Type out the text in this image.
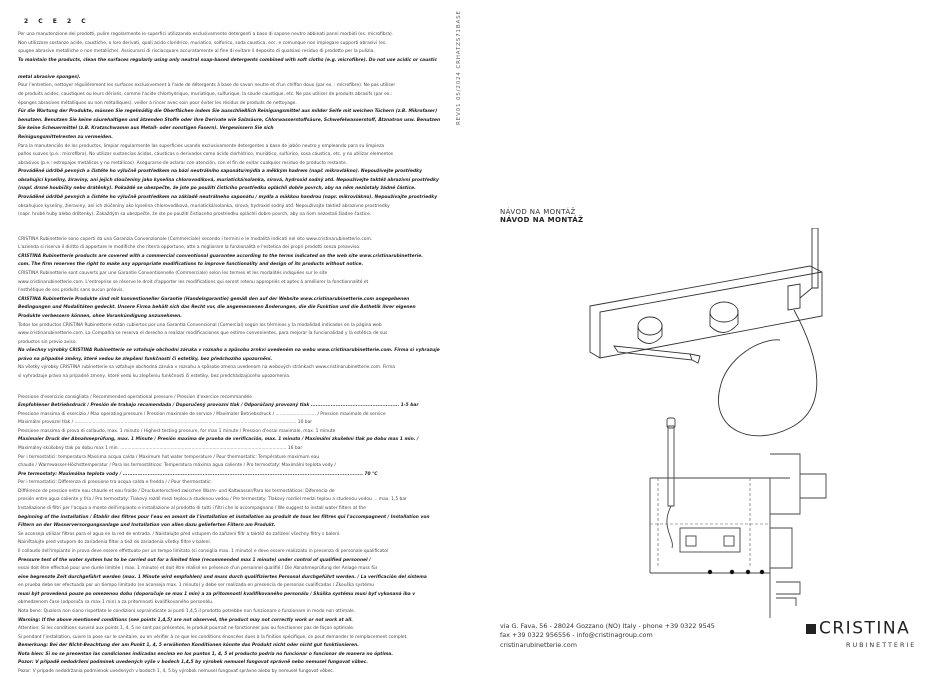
2 C E 2 C
Per una manutenzione dei prodotti, pulire regolarmente le superfici utilizzando esclusivamente detergenti a base di sapone neutro abbinati panni morbidi (es. microfibra).
Non utilizzare sostanze acide, caustiche, o loro derivati, quali acido cloridrico, muriatico, solforico, soda caustica, ecc. e comunque non impiegare supporti abrasivi (es.
spugne abrasive metalliche o non metalliche). Assicurarsi di risciacquare accuratamente al fine di evitare il deposito di qualsiasi residuo di prodotto per la pulizia.
To maintain the products, clean the surfaces regularly using only neutral soap-based detergents combined with soft cloths (e.g. microfibre). Do not use acidic or caustic

metal abrasive sponges).
Pour l'entretien, nettoyer régulièrement les surfaces exclusivement à l'aide de détergents à base de savon neutre et d'un chiffon doux (par ex. : microfibre). Ne pas utiliser
de produits acides, caustiques ou leurs dérivés, comme l'acide chlorhydrique, muriatique, sulfurique, la soude caustique, etc. Ne pas utiliser de produits abrasifs (par ex.:
éponges abrasives métalliques ou non métalliques). veiller à rincer avec soin pour éviter les résidus de produits de nettoyage.
Für die Wartung der Produkte, müssen Sie regelmäßig die Oberflächen indem Sie ausschließlich Reinigungsmittel aus milder Seife mit weichen Tüchern (z.B. Mikrofaser)
benutzen. Benutzen Sie keine säurehaltigen und ätzenden Stoffe oder ihre Derivate wie Salzsäure, Chlorwasserstoffsäure, Schwefelwasserstoff, Ätznatron usw. Benutzen
Sie keine Scheuermittel (z.B. Kratzschwamm aus Metall- oder sonstigen Fasern). Vergewissern Sie sich
Reinigungsmittelresten zu vermeiden.
Para la manutención de los productos, limpiar regularmente las superficies usando exclusivamente detergentes a base de jabón neutro y empleando para su limpieza
paños suaves (p.e.: microfibra). No utilizar sustancias ácidas, cáusticas o derivados como ácido clorhídrico, muriático, sulfúrico, sosa cáustica, etc. y no utilizar elementos
abrasivos (p.e.: estropajos metálicos y no metálicos). Asegurarse de aclarar con atención, con el fin de evitar cualquier residuo de producto restante.
Prováděné údržbě pevných a čistéte ho výlučně prostředkem na bázi neutrálního saponátu/mýdla a měkkým hadrem (např. mikrovlákno). Nepoužívejte prostředky
obsahující kyseliny, žíraviny, ani jejich sloučeniny jako kyselina chlorovodíková, muriatická/solanka, sírová, hydroxid sodný atd. Nepoužívejte taktéž abrazivní prostředky
(např. drsné houbičky nebo drátěnky). Pokaždé se ubezpečte, že jste po použití čisticího prostředku opláchli dobře povrch, aby na něm nezůstaly žádné částice.
Prováděné údržbě pevných a čistéte ho výlučně prostředkem na základě neutrálneho saponátu / mydla a mäkkou handrou (napr. mikrovlákno). Nepoužívajte prostriedky
obsahujúce kyseliny, žieraviny, ani ich zlúčeniny ako kyselina chlorovodíková, muriatická/solanka, sírová, hydroxid sodný atď. Nepoužívajte taktiež abrazívne prostriedky
(napr. hrubé huby alebo drôtenky). Zakaždým sa ubezpečte, že ste po použití čistiaceho prostriedku opláchli dobre povrch, aby na ňom nezostali žiadne častice.
CRISTINA Rubinetterie sono coperti da una Garanzia Convenzionale (Commerciale) secondo i termini e le modalità indicati nel sito www.cristinarubinetterie.com.
L'azienda si riserva il diritto di apportare le modifiche che riterrà opportune, atte a migliorare la funzionalità e l'estetica dei propri prodotti senza preavviso.
CRISTINA Rubinetterie products are covered with a commercial conventional guarantee according to the terms indicated on the web site www.cristinarubinetterie.
com. The firm reserves the right to make any appropriate modifications to improve functionality and design of its products without notice.
CRISTINA Rubinetterie sont couverts par une Garantie Conventionnelle (Commerciale) selon les termes et les modalités indiquées sur le site
www.cristinarubinetterie.com. L'entreprise se réserve le droit d'apporter les modifications qui seront retenu appropriés et aptes à améliorer la fonctionnalité et
l'esthétique de ses produits sans aucun préavis.
CRISTINA Rubinetterie Produkte sind mit konventioneller Garantie (Handelsgarantie) gemäß den auf der Website www.cristinarubinetterie.com angegebenen
Bedingungen und Modalitäten gedeckt. Unsere Firma behält sich das Recht vor, die angemessenen Änderungen, die die Funktion und die Ästhetik ihrer eigenen
Produkte verbessern können, ohne Vorankündigung anzunehmen.
Todos los productos CRISTINA Rubinetterie están cubiertos por una Garantía Convencional (Comercial) según los términos y la modalidad indicados en la página web
www.cristinarubinetterie.com. La Compañía se reserva el derecho a realizar modificaciones que estime convenientes, para mejorar la funcionalidad y la estética de sus
productos sin previo aviso.
Na všechny výrobky CRISTINA Rubinetterie se vztahuje obchodní záruka v rozsahu a způsobu zrnkví uvedeném na webu www.cristinarubinetterie.com. Firma si vyhrazuje
právo na případné změny, které vedou ke zlepšení funkčnosti či estetiky, bez předchozího upozornění.
Na všetky výrobky CRISTINA rubinetterie sa vzťahuje obchodná záruka v rozsahu a spôsobe zmena uvedenom na webových stránkach www.cristinarubinetterie.com. Firma
si vyhradzuje právo na prípadné zmeny, ktoré vedú ku zlepšeniu funkčnosti či estetiky, bez predchádzajúceho upozornenia.
Pressione d'esercizio consigliata / Recommended operational pressure / Pression d'exercice recommandée
Empfohlener Betriebsdruck / Presión de trabajo recomendada / Doporučený provozní tlak / Odporúčaný provozný tlak ..................................................... 1-5 bar
Pressione massima di esercizio / Max operating pressure / Pression maximale de service / Maximaler Betriebsdruck / ............................. / Pression maximale de service
Maximální provozní tlak / ............................................................................................................................................................... 10 bar
Pressione massima di prova di collaudo, max. 1 minuto / Highest testing pressure, for max 1 minute / Pression d'essai maximale, max. 1 minute
Maximaler Druck der Abnahmeprüfung, max. 1 Minute / Presión maxima de prueba de verificación, max. 1 minuto / Maximální zkušební tlak po dobu max 1 min. /
Maximálny skúšobný tlak po dobu max 1 min. ....................................................................................................................... 16 bar
Per i termostatici: temperatura Massima acqua calda / Maximum hot water temperature / Pour thermostatic: Température maximum eau
chaude / Warmwasser-Höchsttemperatur / Para los termostáticos: Temperatura máxima agua caliente / Pro termostaty: Maximální teplota vody /
Pre termostaty: Maximálna teplota vody / ................................................................................................................................................ 70 °C
Per i termostatici: Differenza di pressione tra acqua calda e fredda / / Pour thermostatic:
Différence de pression entre eau chaude et eau froide / Druckunterschied zwischen Warm- und Kaltwasser/Para los termostáticos: Diferencia de
presión entre agua caliente y fría / Pro termostaty: Tlakový rozdíl mezi teplou a studenou vodou / Pre termostaty: Tlakový rozdiel medzi teplou a studenou vodou ... max. 1,5 bar
Installazione di filtri per l'acqua a monte dell'impianto e installazione al prodotto di tutti i filtri che lo accompagnano / We suggest to install water filters at the
beginning of the installation / Établir des filtres pour l'eau en amont de l'installation et installation au produit de tous les filtres qui l'accompagnent / Installation von
Filtern an der Wasserversorgungsanlage und Installation von allen dazu gelieferten Filtern am Produkt.
Se aconseja utilizar filtros para el agua en la red de entrada. / Naistalujte před vstupem do zařízení filtr a taktéž do zařízení všechny filtry s balení.
Nainštalujte pred vstupom do zariadenia filter a tiež do zariadenia všetky filtre v balení.
Il collaudo dell'impianto in prova deve essere effettuato per un tempo limitato (si consiglia max. 1 minuto) e deve essere realizzato in presenza di personale qualificato/
Pressure test of the water system has to be carried out for a limited time (recommended max 1 minute) under control of qualified personnel /
essai doit être effectué pour une durée limitée ( max. 1 minute) et doit être réalisé en présence d'un personnel qualifié / Die Abnahmeprüfung der Anlage muss für
eine begrenzte Zeit durchgeführt werden (max. 1 Minute wird empfohlen) und muss durch qualifiziertes Personal durchgeführt werden. / La verificación del sistema
en prueba debe ser efectuada por un tiempo limitado (se aconseja max. 1 minuto) y debe ser realizada en presencia de personas cualificadas / Zkouška systému
musí být provedená pouze po omezenou dobu (doporučuje se max 1 min) a za přítomnosti kvalifikovaného personálu / Skúška systému musí byť vykonaná iba v
obmedzenom čase (odporúča sa max 1 min) a za prítomnosti kvalifikovaného personálu.
Nota bene: Qualora non siano rispettate le condizioni sopraindicate ai punti 1,4,5 il prodotto potrebbe non funzionare o funzionare in modo non ottimale.
Warning: If the above mentioned conditions (see points 1,4,5) are not observed, the product may not correctly work or not work at all.
Attention: Si les conditions susvisé aux points 1, 4, 5 ne sont pas présentes, le produit pourrait ne fonctionner pas ou fonctionner pas de façon optimale.
Si pendant l'installation, suivre la pose sur le sanitaire, ou en vérifier à ce que les conditions énoncées dues à la finition spécifique, ce peut demander le remplacement complet.
Bemerkung: Bei der Nicht-Beachtung der am Punkt 1, 4, 5 erwähnten Konditionen könnte das Produkt nicht oder nicht gut funktionieren.
Nota bien: Si no se presentan las condiciones indicadas encima en los puntos 1, 4, 5 el producto podría no funcionar o funcionar de manera no óptima.
Pozor: V případě nedodržení podmínek uvedených výše v bodech 1,4,5 by výrobek nemusel fungovat správně nebo nemusel fungovat vůbec.
Pozor: V prípade nedodržania podmienok uvedených v bodoch 1, 4, 5 by výrobok nemusel fungovať správne alebo by nemusel fungovať vôbec.
REV01 05/2024 CRHATZS71BASE
NÁVOD NA MONTÁŽ
NÁVOD NA MONTÁŽ
via G. Fava, 56 - 28024 Gozzano (NO) Italy - phone +39 0322 9545
fax +39 0322 956556 - info@cristinagroup.com
cristinarubinetterie.com
CRISTINA
RUBINETTERIE
